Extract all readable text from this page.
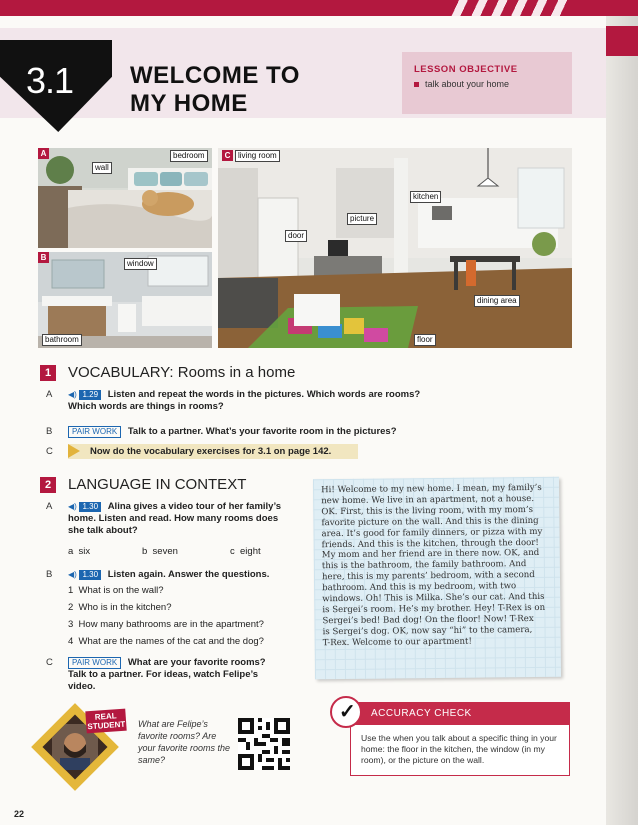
3.1 WELCOME TO
MY HOME
LESSON OBJECTIVE
talk about your home
A
wall
bedroom
B
window
bathroom
C living room
door
picture
kitchen
dining area
floor
1	VOCABULARY: Rooms in a home
A ◀) 1.29 Listen and repeat the words in the pictures. Which words are rooms?
Which words are things in rooms?
B	PAIR WORK Talk to a partner. What’s your favorite room in the pictures?
C	Now do the vocabulary exercises for 3.1 on page 142.
2	LANGUAGE IN CONTEXT
A ◀) 1.30 Alina gives a video tour of her family’s
home. Listen and read. How many rooms does
she talk about?
a  six	b  seven	c  eight
B ◀) 1.30 Listen again. Answer the questions.
1  What is on the wall?
2  Who is in the kitchen?
3  How many bathrooms are in the apartment?
4  What are the names of the cat and the dog?
C	PAIR WORK What are your favorite rooms?
Talk to a partner. For ideas, watch Felipe’s
video.

Hi! Welcome to my new home. I mean, my family’s

new home. We live in an apartment, not a house.

OK. First, this is the living room, with my mom’s

favorite picture on the wall. And this is the dining

area. It’s good for family dinners, or pizza with my

friends. And this is the kitchen, through the door!

My mom and her friend are in there now. OK, and

this is the bathroom, the family bathroom. And

here, this is my parents’ bedroom, with a second

bathroom. And this is my bedroom, with two

windows. Oh! This is Milka. She’s our cat. And this

is Sergei’s room. He’s my brother. Hey! T-Rex is on

Sergei’s bed! Bad dog! On the floor! Now! T-Rex

is Sergei’s dog. OK, now say “hi” to the camera,

T-Rex. Welcome to our apartment!

REAL
STUDENT What are Felipe’s favorite rooms? Are your favorite rooms the same?
ACCURACY CHECK
Use the when you talk about a specific thing in your home: the floor in the kitchen, the window (in my room), or the picture on the wall.
✓
22
